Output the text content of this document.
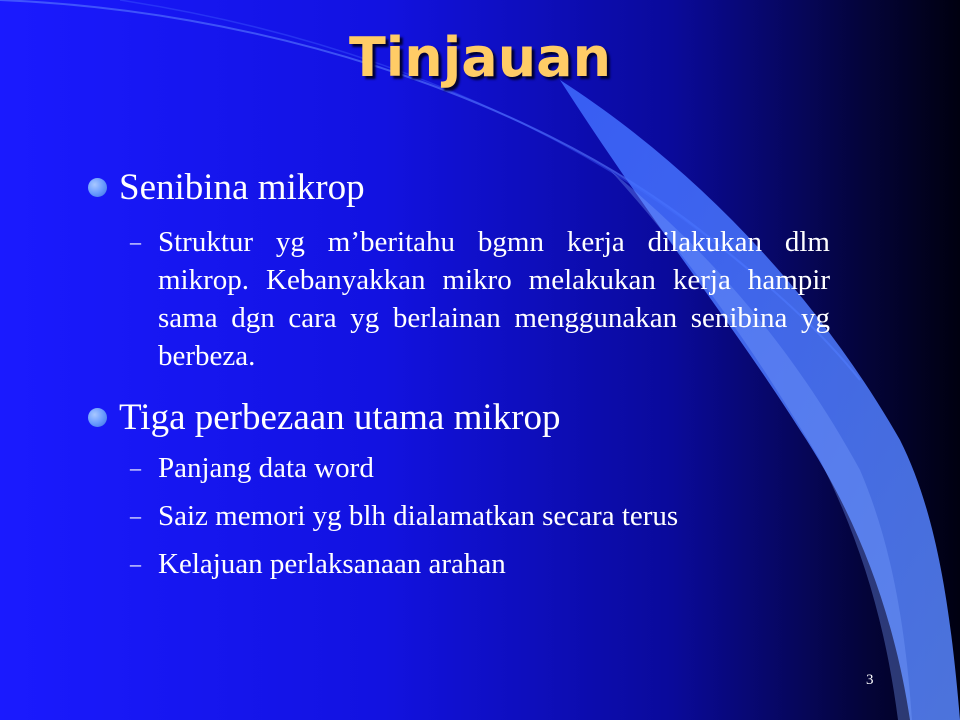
Tinjauan
Senibina mikrop
– Struktur yg m’beritahu bgmn kerja dilakukan dlm mikrop. Kebanyakkan mikro melakukan kerja hampir sama dgn cara yg berlainan menggunakan senibina yg berbeza.
Tiga perbezaan utama mikrop
– Panjang data word
– Saiz memori yg blh dialamatkan secara terus
– Kelajuan perlaksanaan arahan
3
